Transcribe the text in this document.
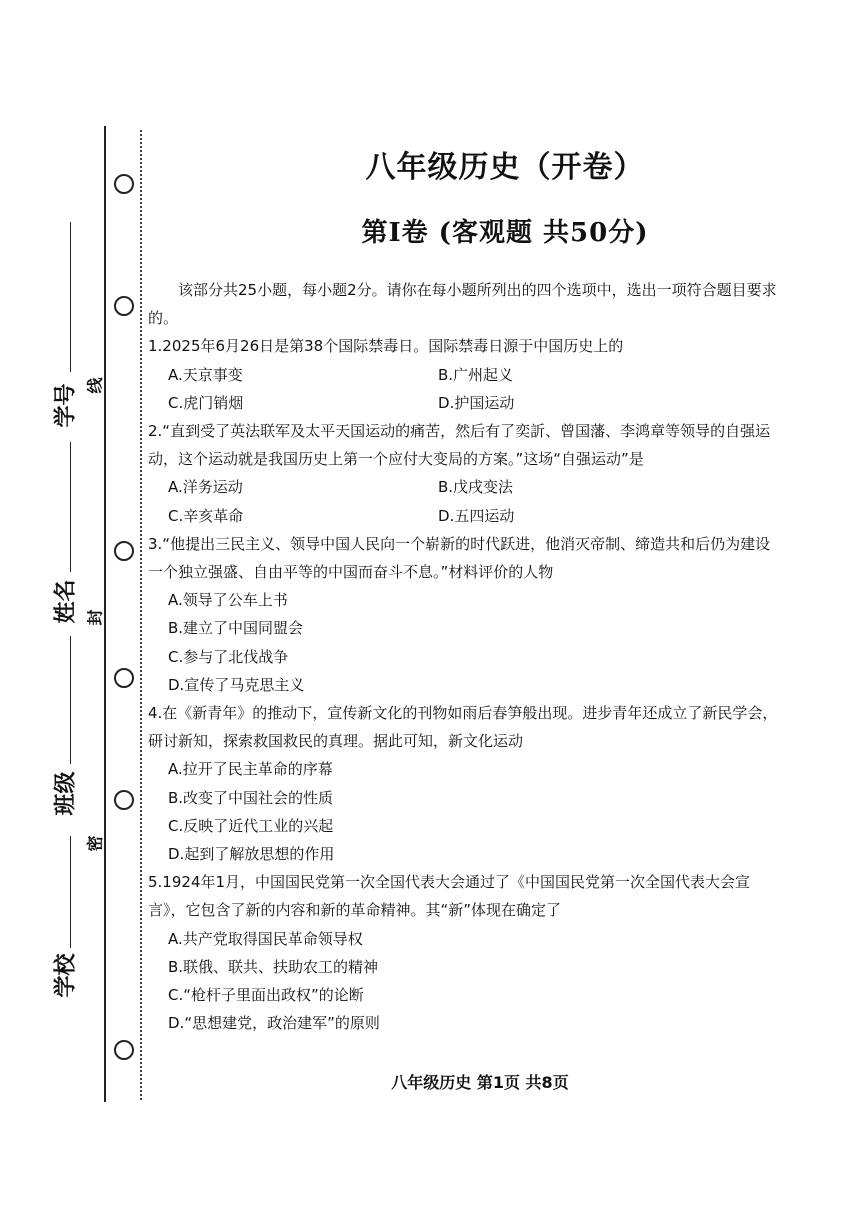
学号 线
姓名 封
班级
密
学校
八年级历史（开卷）
第Ⅰ卷 (客观题 共50分)

该部分共25小题，每小题2分。请你在每小题所列出的四个选项中，选出一项符合题目要求的。

1.2025年6月26日是第38个国际禁毒日。国际禁毒日源于中国历史上的

A.天京事变	B.广州起义

C.虎门销烟	D.护国运动

2.“直到受了英法联军及太平天国运动的痛苦，然后有了奕訢、曾国藩、李鸿章等领导的自强运动，这个运动就是我国历史上第一个应付大变局的方案。”这场“自强运动”是

A.洋务运动	B.戊戌变法

C.辛亥革命	D.五四运动

3.“他提出三民主义、领导中国人民向一个崭新的时代跃进，他消灭帝制、缔造共和后仍为建设一个独立强盛、自由平等的中国而奋斗不息。”材料评价的人物

A.领导了公车上书

B.建立了中国同盟会

C.参与了北伐战争

D.宣传了马克思主义

4.在《新青年》的推动下，宣传新文化的刊物如雨后春笋般出现。进步青年还成立了新民学会，研讨新知，探索救国救民的真理。据此可知，新文化运动

A.拉开了民主革命的序幕

B.改变了中国社会的性质

C.反映了近代工业的兴起

D.起到了解放思想的作用

5.1924年1月，中国国民党第一次全国代表大会通过了《中国国民党第一次全国代表大会宣言》，它包含了新的内容和新的革命精神。其“新”体现在确定了

A.共产党取得国民革命领导权

B.联俄、联共、扶助农工的精神

C.“枪杆子里面出政权”的论断

D.“思想建党，政治建军”的原则

八年级历史 第1页 共8页
